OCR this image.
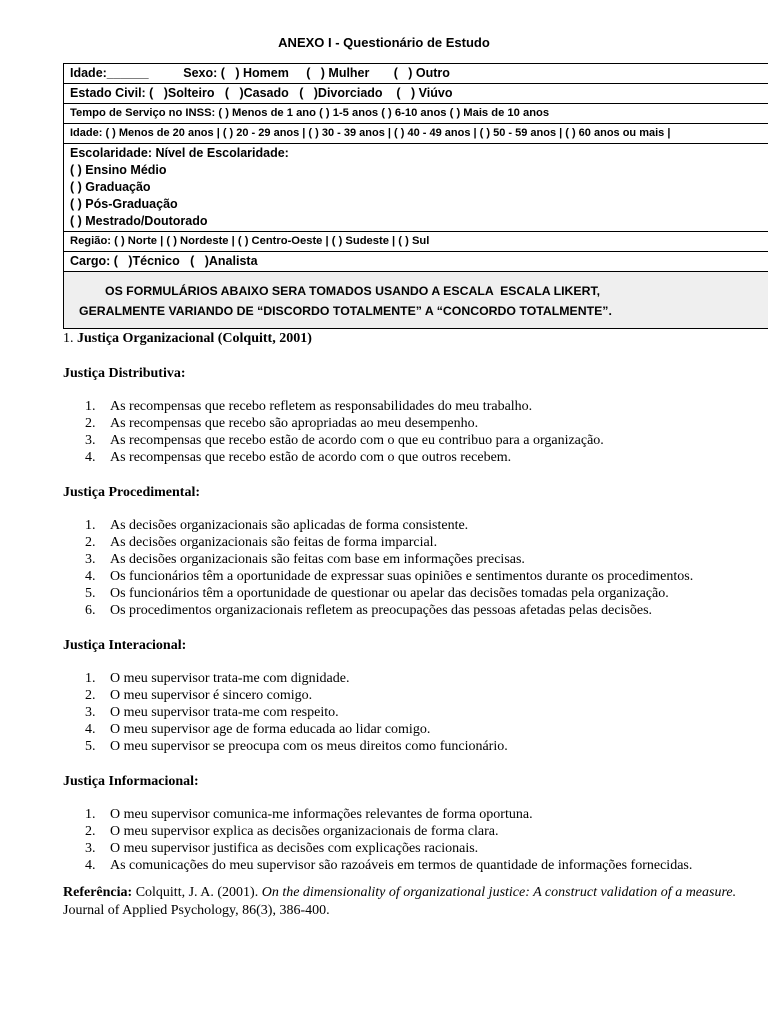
ANEXO I - Questionário de Estudo
Idade:______          Sexo: (   ) Homem     (   ) Mulher       (   ) Outro
Estado Civil: (   )Solteiro   (   )Casado   (   )Divorciado    (   ) Viúvo
Tempo de Serviço no INSS: ( ) Menos de 1 ano ( ) 1-5 anos ( ) 6-10 anos ( ) Mais de 10 anos
Idade: ( ) Menos de 20 anos | ( ) 20 - 29 anos | ( ) 30 - 39 anos | ( ) 40 - 49 anos | ( ) 50 - 59 anos | ( ) 60 anos ou mais |
Escolaridade: Nível de Escolaridade:
( ) Ensino Médio
( ) Graduação
( ) Pós-Graduação
( ) Mestrado/Doutorado
Região: ( ) Norte | ( ) Nordeste | ( ) Centro-Oeste | ( ) Sudeste | ( ) Sul
Cargo: (   )Técnico   (   )Analista
OS FORMULÁRIOS ABAIXO SERA TOMADOS USANDO A ESCALA  ESCALA LIKERT,
GERALMENTE VARIANDO DE “DISCORDO TOTALMENTE” A “CONCORDO TOTALMENTE”.
1. Justiça Organizacional (Colquitt, 2001)
Justiça Distributiva:
1. As recompensas que recebo refletem as responsabilidades do meu trabalho.
2. As recompensas que recebo são apropriadas ao meu desempenho.
3. As recompensas que recebo estão de acordo com o que eu contribuo para a organização.
4. As recompensas que recebo estão de acordo com o que outros recebem.
Justiça Procedimental:
1. As decisões organizacionais são aplicadas de forma consistente.
2. As decisões organizacionais são feitas de forma imparcial.
3. As decisões organizacionais são feitas com base em informações precisas.
4. Os funcionários têm a oportunidade de expressar suas opiniões e sentimentos durante os procedimentos.
5. Os funcionários têm a oportunidade de questionar ou apelar das decisões tomadas pela organização.
6. Os procedimentos organizacionais refletem as preocupações das pessoas afetadas pelas decisões.
Justiça Interacional:
1. O meu supervisor trata-me com dignidade.
2. O meu supervisor é sincero comigo.
3. O meu supervisor trata-me com respeito.
4. O meu supervisor age de forma educada ao lidar comigo.
5. O meu supervisor se preocupa com os meus direitos como funcionário.
Justiça Informacional:
1. O meu supervisor comunica-me informações relevantes de forma oportuna.
2. O meu supervisor explica as decisões organizacionais de forma clara.
3. O meu supervisor justifica as decisões com explicações racionais.
4. As comunicações do meu supervisor são razoáveis em termos de quantidade de informações fornecidas.
Referência: Colquitt, J. A. (2001). On the dimensionality of organizational justice: A construct validation of a measure. Journal of Applied Psychology, 86(3), 386-400.
